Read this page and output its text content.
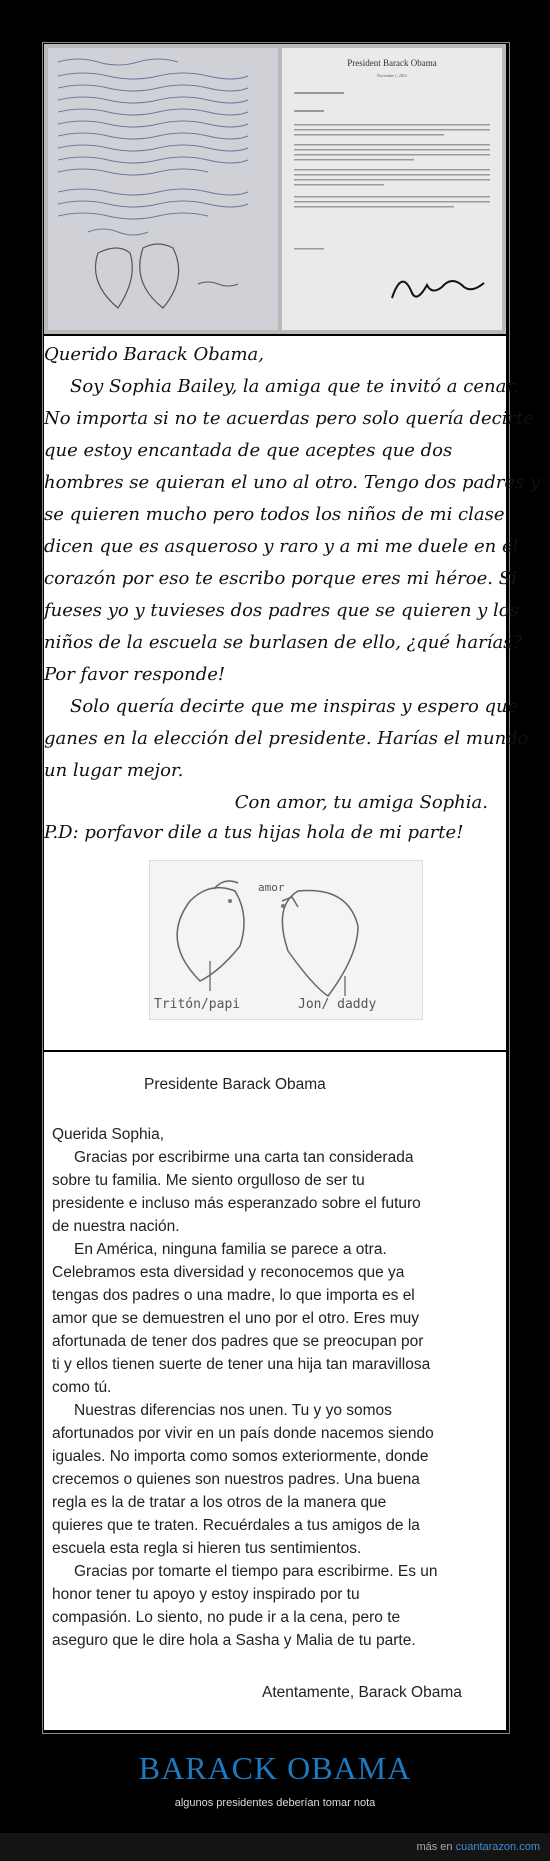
President Barack Obama
November 1, 2012
Querido Barack Obama,
Soy Sophia Bailey, la amiga que te invitó a cenar.
No importa si no te acuerdas pero solo quería decirte
que estoy encantada de que aceptes que dos
hombres se quieran el uno al otro. Tengo dos padres y
se quieren mucho pero todos los niños de mi clase
dicen que es asqueroso y raro y a mi me duele en el
corazón por eso te escribo porque eres mi héroe. Si
fueses yo y tuvieses dos padres que se quieren y los
niños de la escuela se burlasen de ello, ¿qué harías?
Por favor responde!
Solo quería decirte que me inspiras y espero que
ganes en la elección del presidente. Harías el mundo
un lugar mejor.
Con amor, tu amiga Sophia.
P.D: porfavor dile a tus hijas hola de mi parte!
amor
Tritón/papi	Jon/ daddy
Presidente Barack Obama
Querida Sophia,
Gracias por escribirme una carta tan considerada
sobre tu familia. Me siento orgulloso de ser tu
presidente e incluso más esperanzado sobre el futuro
de nuestra nación.
En América, ninguna familia se parece a otra.
Celebramos esta diversidad y reconocemos que ya
tengas dos padres o una madre, lo que importa es el
amor que se demuestren el uno por el otro. Eres muy
afortunada de tener dos padres que se preocupan por
ti y ellos tienen suerte de tener una hija tan maravillosa
como tú.
Nuestras diferencias nos unen. Tu y yo somos
afortunados por vivir en un país donde nacemos siendo
iguales. No importa como somos exteriormente, donde
crecemos o quienes son nuestros padres. Una buena
regla es la de tratar a los otros de la manera que
quieres que te traten. Recuérdales a tus amigos de la
escuela esta regla si hieren tus sentimientos.
Gracias por tomarte el tiempo para escribirme. Es un
honor tener tu apoyo y estoy inspirado por tu
compasión. Lo siento, no pude ir a la cena, pero te
aseguro que le dire hola a Sasha y Malia de tu parte.
Atentamente, Barack Obama
BARACK OBAMA
algunos presidentes deberían tomar nota
más en cuantarazon.com
